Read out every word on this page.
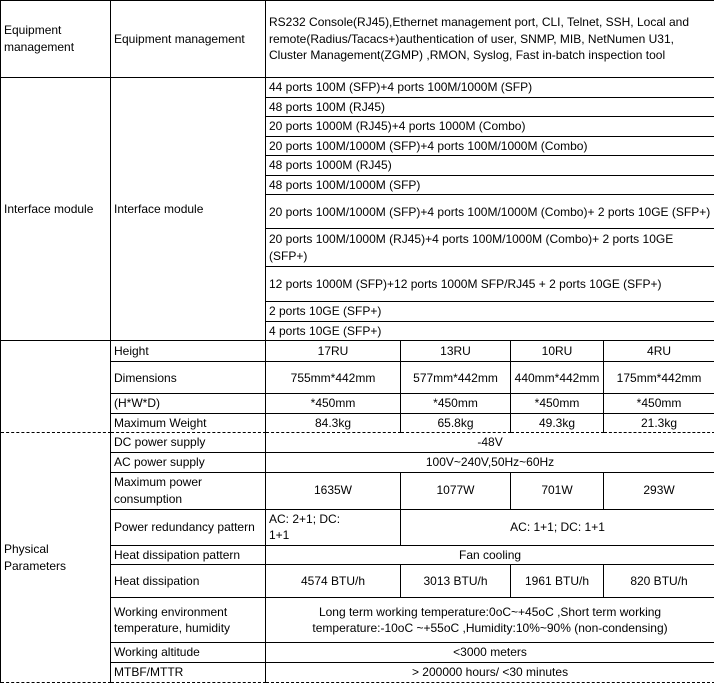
Equipment management	Equipment management	RS232 Console(RJ45),Ethernet management port, CLI, Telnet, SSH, Local and remote(Radius/Tacacs+)authentication of user, SNMP, MIB, NetNumen U31, Cluster Management(ZGMP) ,RMON, Syslog, Fast in-batch inspection tool			
Interface module	Interface module	44 ports 100M (SFP)+4 ports 100M/1000M (SFP)			
		48 ports 100M (RJ45)			
		20 ports 1000M (RJ45)+4 ports 1000M (Combo)			
		20 ports 100M/1000M (SFP)+4 ports 100M/1000M (Combo)			
		48 ports 1000M (RJ45)			
		48 ports 100M/1000M (SFP)			
		20 ports 100M/1000M (SFP)+4 ports 100M/1000M (Combo)+ 2 ports 10GE (SFP+)			
		20 ports 100M/1000M (RJ45)+4 ports 100M/1000M (Combo)+ 2 ports 10GE (SFP+)			
		12 ports 1000M (SFP)+12 ports 1000M SFP/RJ45 + 2 ports 10GE (SFP+)			
		2 ports 10GE (SFP+)			
		4 ports 10GE (SFP+)			
	Height	17RU	13RU	10RU	4RU
	Dimensions	755mm*442mm	577mm*442mm	440mm*442mm	175mm*442mm
	(H*W*D)	*450mm	*450mm	*450mm	*450mm
	Maximum Weight	84.3kg	65.8kg	49.3kg	21.3kg
Physical Parameters	DC power supply	-48V			
	AC power supply	100V~240V,50Hz~60Hz			
	Maximum power consumption	1635W	1077W	701W	293W
	Power redundancy pattern	AC: 2+1; DC: 1+1	AC: 1+1; DC: 1+1		
	Heat dissipation pattern	Fan cooling			
	Heat dissipation	4574 BTU/h	3013 BTU/h	1961 BTU/h	820 BTU/h
	Working environment temperature, humidity	Long term working temperature:0oC~+45oC ,Short term working temperature:-10oC ~+55oC ,Humidity:10%~90% (non-condensing)			
	Working altitude	<3000 meters			
	MTBF/MTTR	> 200000 hours/ <30 minutes			
